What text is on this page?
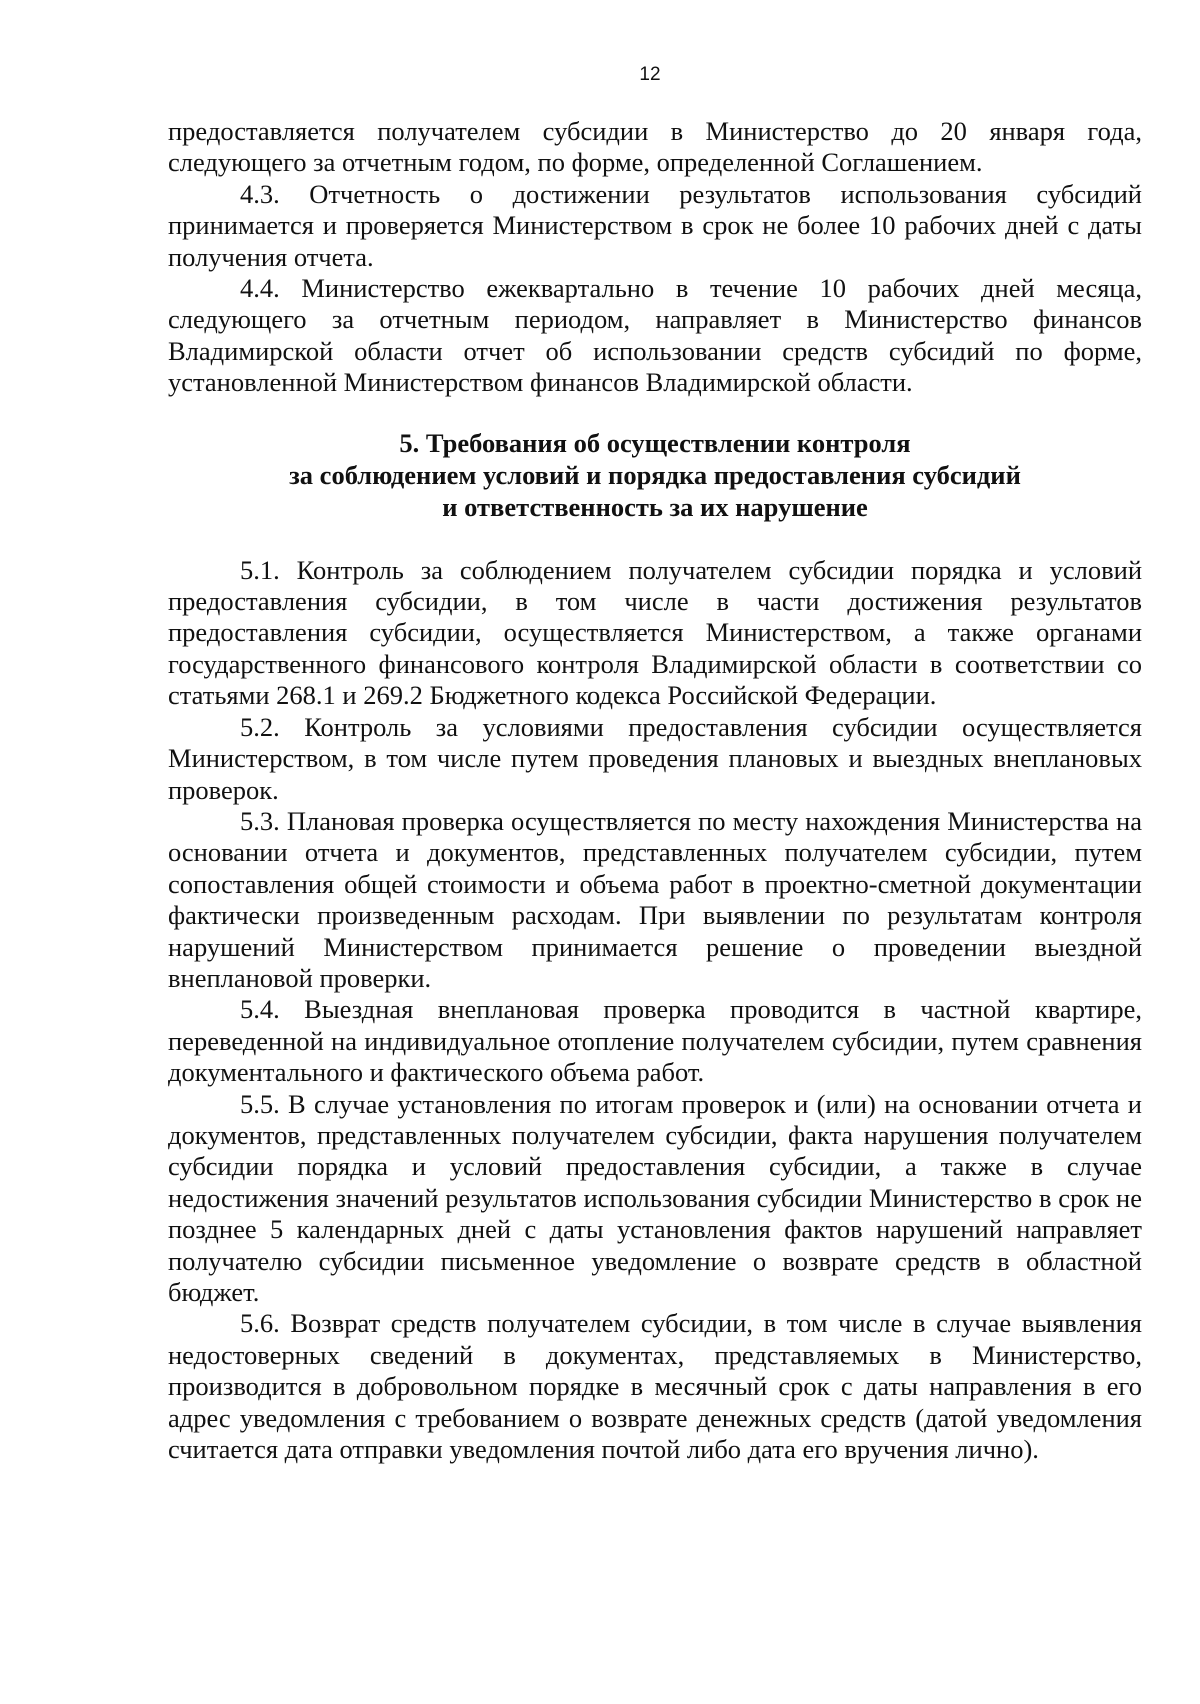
12

предоставляется получателем субсидии в Министерство до 20 января года, следующего за отчетным годом, по форме, определенной Соглашением.

4.3. Отчетность о достижении результатов использования субсидий принимается и проверяется Министерством в срок не более 10 рабочих дней с даты получения отчета.

4.4. Министерство ежеквартально в течение 10 рабочих дней месяца, следующего за отчетным периодом, направляет в Министерство финансов Владимирской области отчет об использовании средств субсидий по форме, установленной Министерством финансов Владимирской области.

5. Требования об осуществлении контроля
за соблюдением условий и порядка предоставления субсидий
и ответственность за их нарушение

5.1. Контроль за соблюдением получателем субсидии порядка и условий предоставления субсидии, в том числе в части достижения результатов предоставления субсидии, осуществляется Министерством, а также органами государственного финансового контроля Владимирской области в соответствии со статьями 268.1 и 269.2 Бюджетного кодекса Российской Федерации.

5.2. Контроль за условиями предоставления субсидии осуществляется Министерством, в том числе путем проведения плановых и выездных внеплановых проверок.

5.3. Плановая проверка осуществляется по месту нахождения Министерства на основании отчета и документов, представленных получателем субсидии, путем сопоставления общей стоимости и объема работ в проектно-сметной документации фактически произведенным расходам. При выявлении по результатам контроля нарушений Министерством принимается решение о проведении выездной внеплановой проверки.

5.4. Выездная внеплановая проверка проводится в частной квартире, переведенной на индивидуальное отопление получателем субсидии, путем сравнения документального и фактического объема работ.

5.5. В случае установления по итогам проверок и (или) на основании отчета и документов, представленных получателем субсидии, факта нарушения получателем субсидии порядка и условий предоставления субсидии, а также в случае недостижения значений результатов использования субсидии Министерство в срок не позднее 5 календарных дней с даты установления фактов нарушений направляет получателю субсидии письменное уведомление о возврате средств в областной бюджет.

5.6. Возврат средств получателем субсидии, в том числе в случае выявления недостоверных сведений в документах, представляемых в Министерство, производится в добровольном порядке в месячный срок с даты направления в его адрес уведомления с требованием о возврате денежных средств (датой уведомления считается дата отправки уведомления почтой либо дата его вручения лично).
